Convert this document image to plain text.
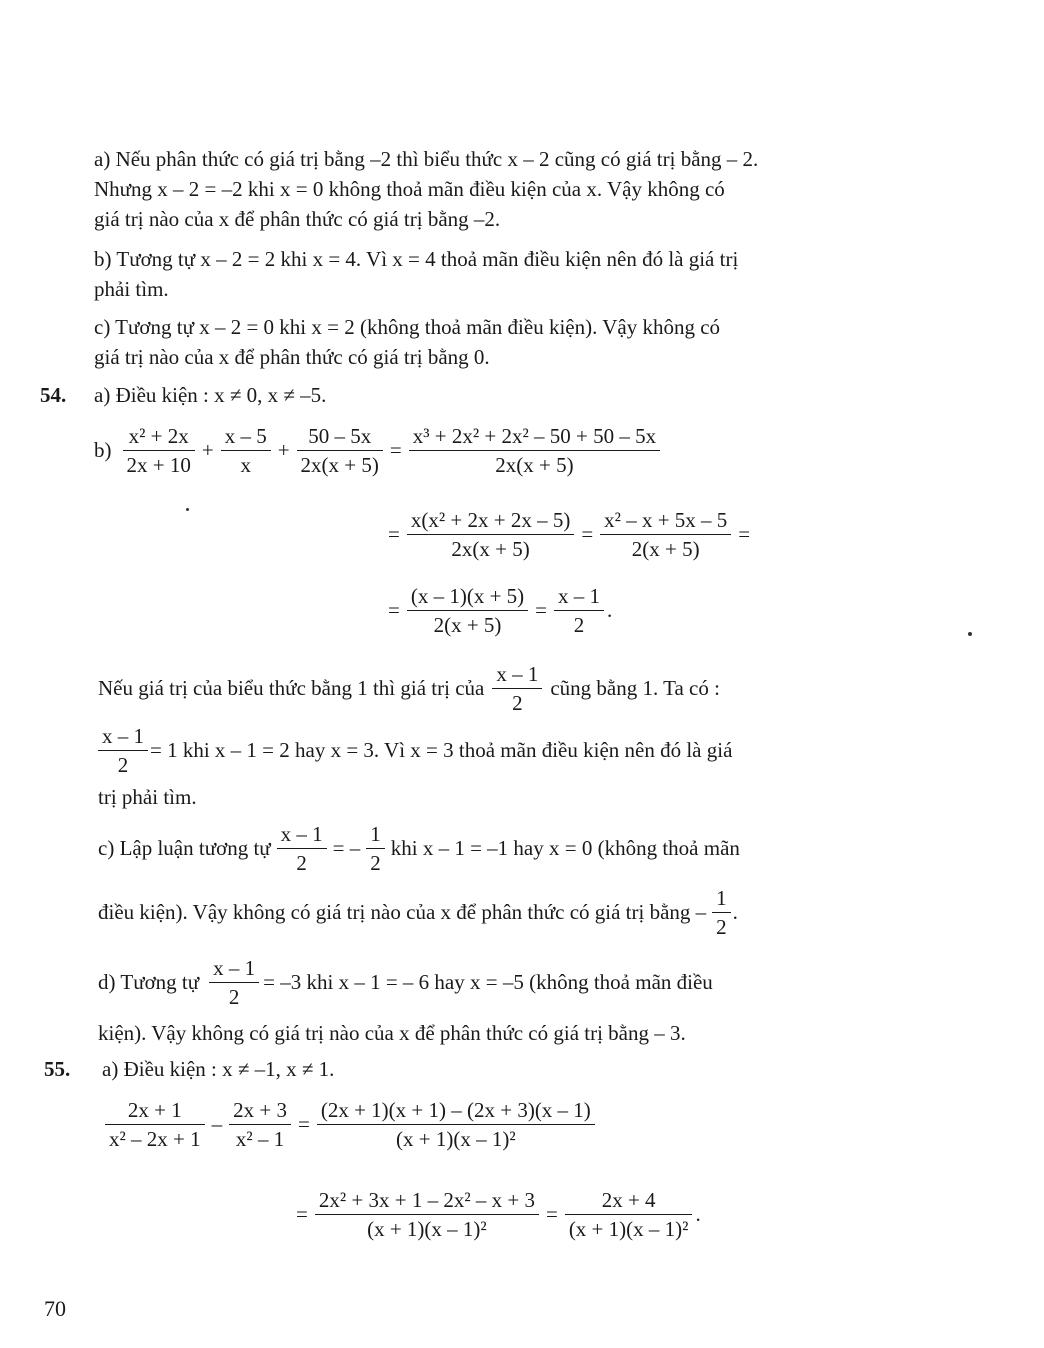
a) Nếu phân thức có giá trị bằng –2 thì biểu thức x – 2 cũng có giá trị bằng – 2.
Nhưng x – 2 = –2 khi x = 0 không thoả mãn điều kiện của x. Vậy không có
giá trị nào của x để phân thức có giá trị bằng –2.
b) Tương tự x – 2 = 2 khi x = 4. Vì x = 4 thoả mãn điều kiện nên đó là giá trị
phải tìm.
c) Tương tự x – 2 = 0 khi x = 2 (không thoả mãn điều kiện). Vậy không có
giá trị nào của x để phân thức có giá trị bằng 0.
54. a) Điều kiện : x ≠ 0, x ≠ –5.
$b) \frac{\text{x² + 2x}}{2x + 10} + \frac{x - 5}{x} + \frac{50 - 5x}{2x(x + 5)} = \frac{\text{x³ + 2x² + 2x² – 50 + 50 – 5x}}{2x(x + 5)}$
= $\frac{\text{x(x² + 2x + 2x – 5)}}{2x(x + 5)} = \frac{\text{x² – x + 5x – 5}}{2(x + 5)}$ =
= $\frac{(x - 1)(x + 5)}{2(x + 5)} = \frac{x - 1}{2}$ .
Nếu giá trị của biểu thức bằng 1 thì giá trị của $\frac{x - 1}{2}$ cũng bằng 1. Ta có :
$\frac{x - 1}{2} = 1$ khi x – 1 = 2 hay x = 3. Vì x = 3 thoả mãn điều kiện nên đó là giá
trị phải tìm.
c) Lập luận tương tự $\frac{x - 1}{2}$ = – $\frac{1}{2}$ khi x – 1 = –1 hay x = 0 (không thoả mãn
điều kiện). Vậy không có giá trị nào của x để phân thức có giá trị bằng – $\frac{1}{2}$ .
d) Tương tự $\frac{x - 1}{2} = -3$ khi x – 1 = – 6 hay x = –5 (không thoả mãn điều
kiện). Vậy không có giá trị nào của x để phân thức có giá trị bằng – 3.
55. a) Điều kiện : x ≠ –1, x ≠ 1.
$\frac{2x + 1}{\text{x² – 2x + 1}} - \frac{2x + 3}{\text{x² – 1}} = \frac{(2x + 1)(x + 1) - (2x + 3)(x - 1)}{\text{(x + 1)(x – 1)²}}$
= $\frac{\text{2x² + 3x + 1 – 2x² – x + 3}}{\text{(x + 1)(x – 1)²}} = \frac{2x + 4}{\text{(x + 1)(x – 1)²}}$ .
70
